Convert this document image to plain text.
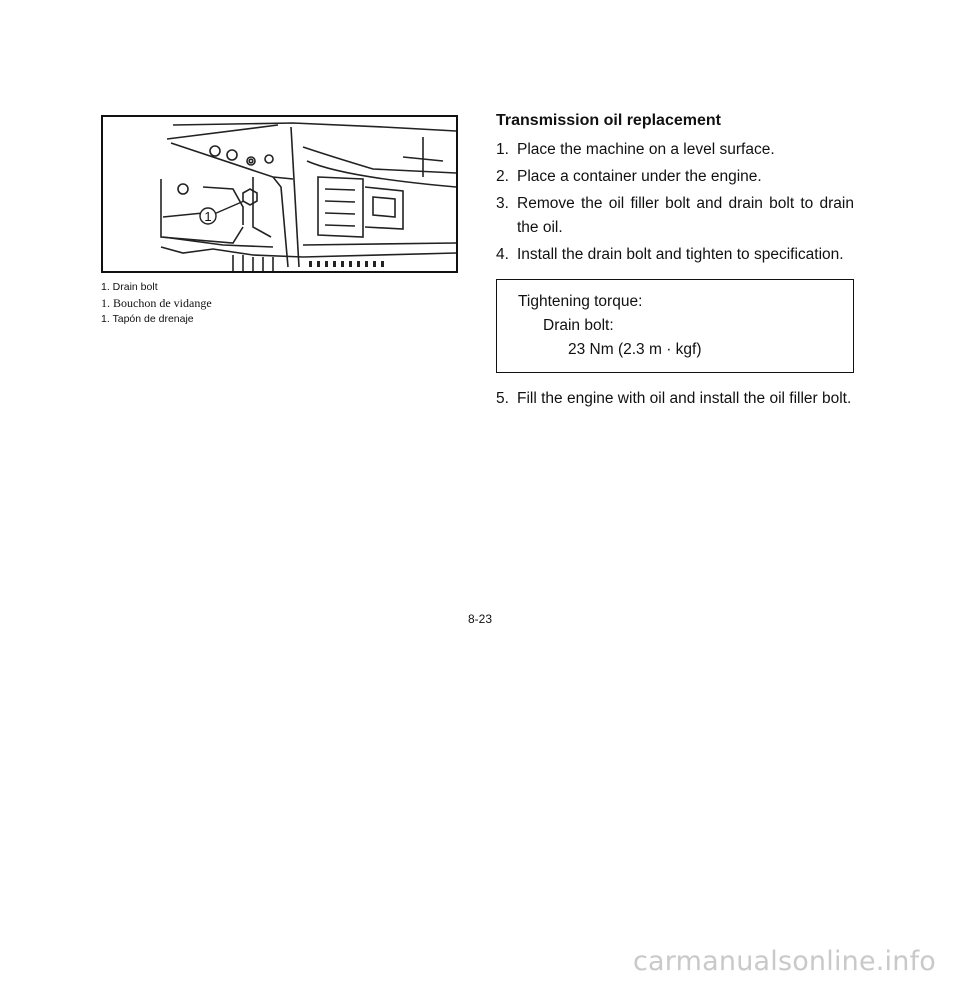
1

1. Drain bolt

1. Bouchon de vidange

1. Tapón de drenaje

Transmission oil replacement
1. Place the machine on a level surface.
2. Place a container under the engine.
3. Remove the oil filler bolt and drain bolt to drain the oil.
4. Install the drain bolt and tighten to specification.
Tightening torque:
Drain bolt:
23 Nm (2.3 m · kgf)
5. Fill the engine with oil and install the oil filler bolt.
8-23
carmanualsonline.info
